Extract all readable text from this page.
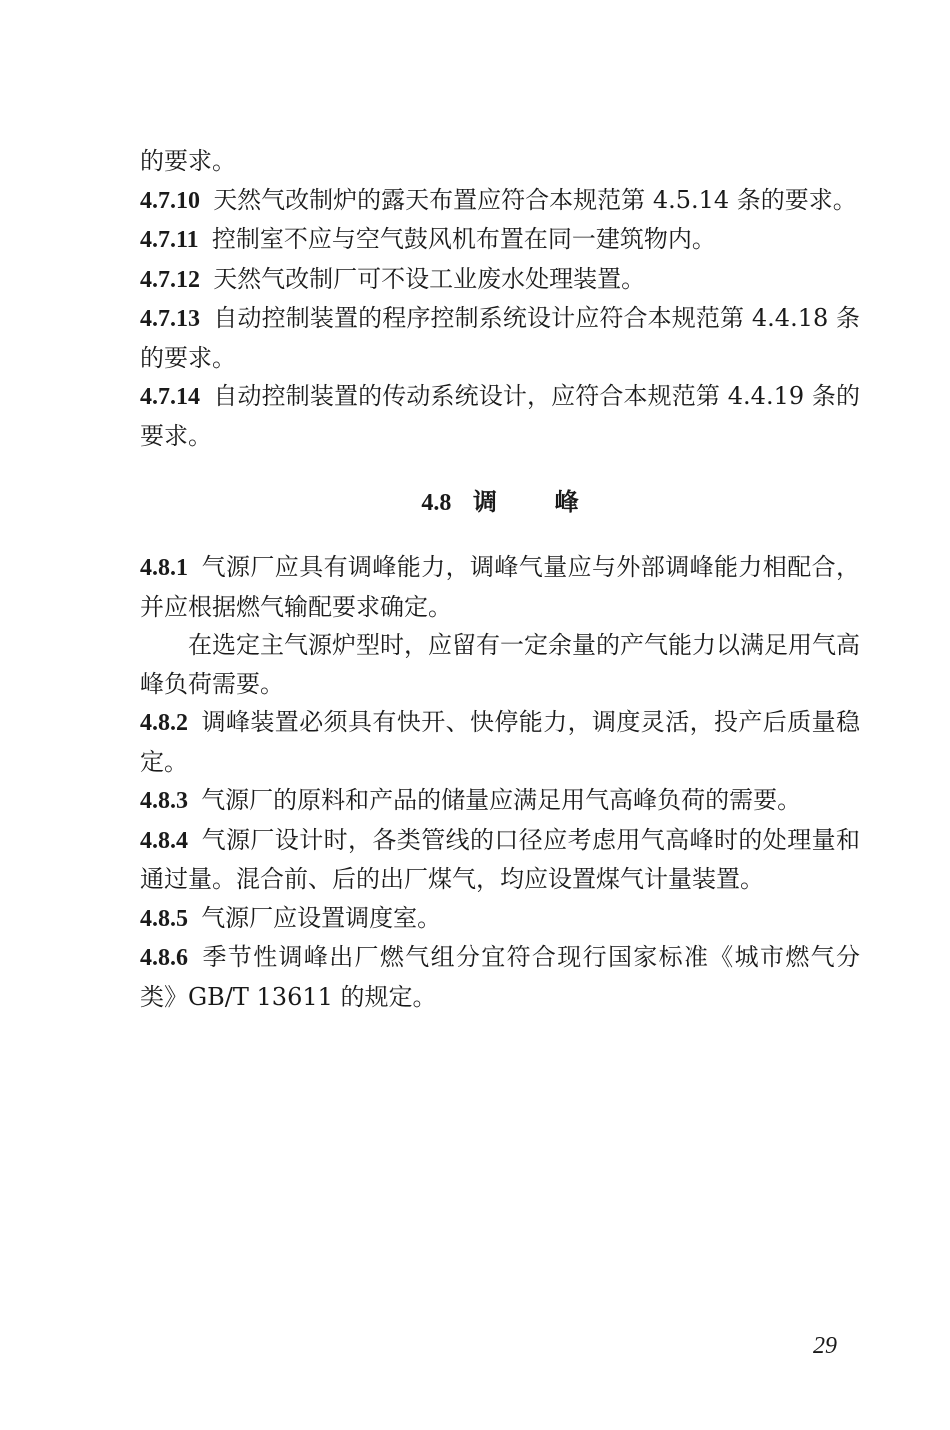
的要求。

4.7.10 天然气改制炉的露天布置应符合本规范第 4.5.14 条的要求。

4.7.11 控制室不应与空气鼓风机布置在同一建筑物内。

4.7.12 天然气改制厂可不设工业废水处理装置。

4.7.13 自动控制装置的程序控制系统设计应符合本规范第 4.4.18 条的要求。

4.7.14 自动控制装置的传动系统设计，应符合本规范第 4.4.19 条的要求。

4.8 调峰

4.8.1 气源厂应具有调峰能力，调峰气量应与外部调峰能力相配合，并应根据燃气输配要求确定。

在选定主气源炉型时，应留有一定余量的产气能力以满足用气高峰负荷需要。

4.8.2 调峰装置必须具有快开、快停能力，调度灵活，投产后质量稳定。

4.8.3 气源厂的原料和产品的储量应满足用气高峰负荷的需要。

4.8.4 气源厂设计时，各类管线的口径应考虑用气高峰时的处理量和通过量。混合前、后的出厂煤气，均应设置煤气计量装置。

4.8.5 气源厂应设置调度室。

4.8.6 季节性调峰出厂燃气组分宜符合现行国家标准《城市燃气分类》GB/T 13611 的规定。

29
